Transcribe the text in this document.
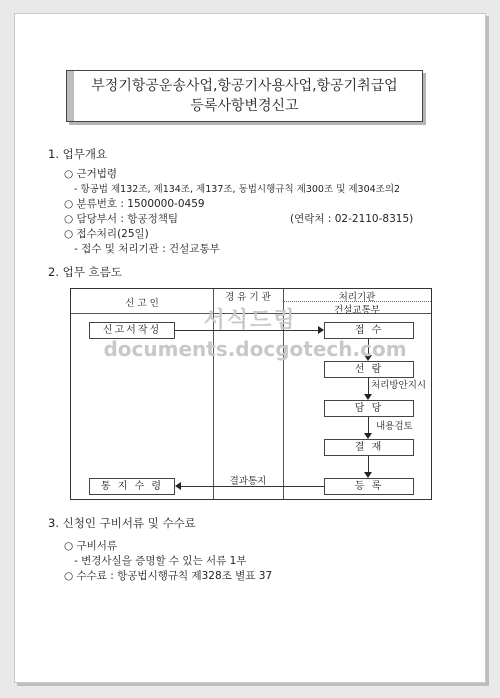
부정기항공운송사업,항공기사용사업,항공기취급업
등록사항변경신고
1. 업무개요
○ 근거법령
- 항공법 제132조, 제134조, 제137조, 동법시행규칙 제300조 및 제304조의2
○ 분류번호 : 1500000-0459
○ 담당부서 : 항공정책팀	(연락처 : 02-2110-8315)
○ 접수처리(25일)
- 접수 및 처리기관 : 건설교통부
2. 업무 흐름도
신 고 인
경 유 기 관	처리기관
건설교통부
신고서작성	접 수
선 람
담 당
결 재
등 록
통 지 수 령
처리방안지시
내용검토
결과통지
서식드림
documents.docgotech.com
3. 신청인 구비서류 및 수수료
○ 구비서류
- 변경사실을 증명할 수 있는 서류 1부
○ 수수료 : 항공법시행규칙 제328조 별표 37
